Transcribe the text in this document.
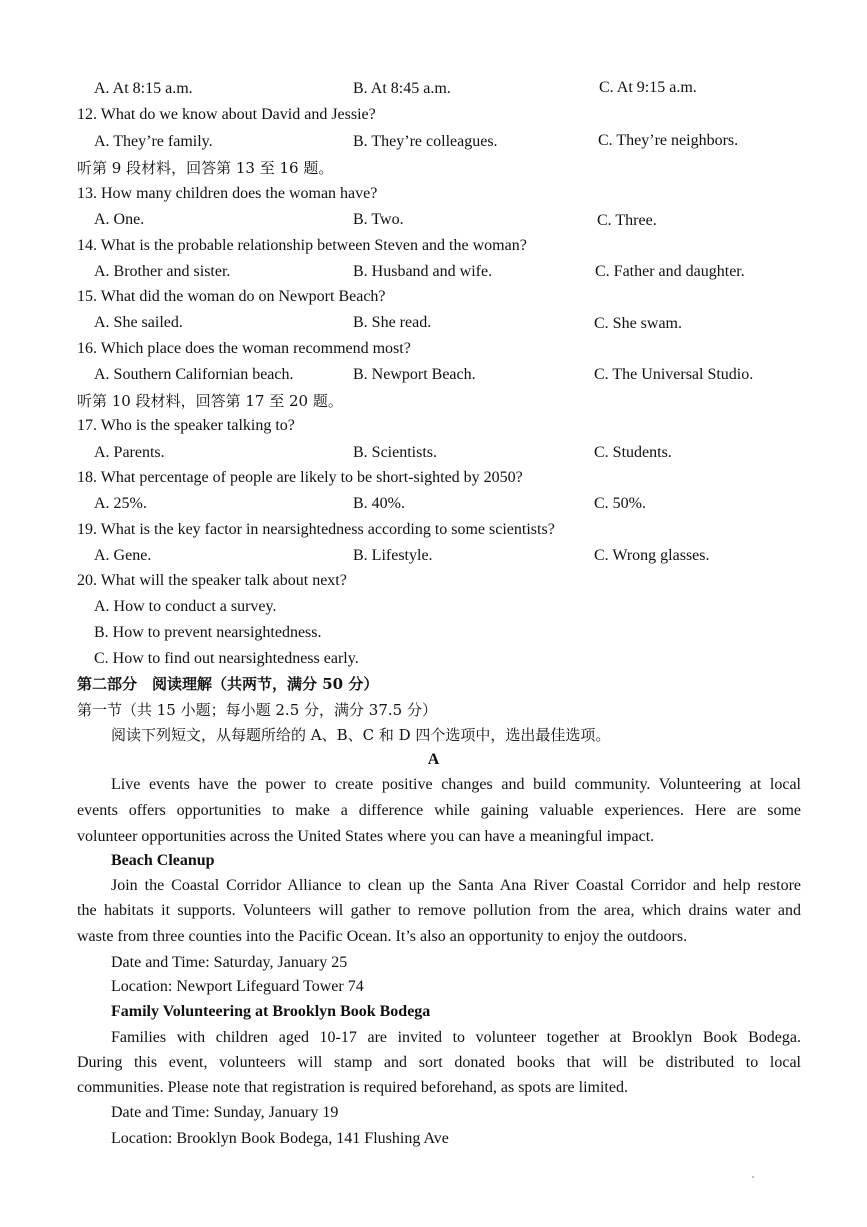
A. At 8:15 a.m.	B. At 8:45 a.m.	C. At 9:15 a.m.
12. What do we know about David and Jessie?
A. They’re family.	B. They’re colleagues.	C. They’re neighbors.
听第 9 段材料，回答第 13 至 16 题。
13. How many children does the woman have?
A. One.	B. Two.	C. Three.
14. What is the probable relationship between Steven and the woman?
A. Brother and sister.	B. Husband and wife.	C. Father and daughter.
15. What did the woman do on Newport Beach?
A. She sailed.	B. She read.	C. She swam.
16. Which place does the woman recommend most?
A. Southern Californian beach.	B. Newport Beach.	C. The Universal Studio.
听第 10 段材料，回答第 17 至 20 题。
17. Who is the speaker talking to?
A. Parents.	B. Scientists.	C. Students.
18. What percentage of people are likely to be short-sighted by 2050?
A. 25%.	B. 40%.	C. 50%.
19. What is the key factor in nearsightedness according to some scientists?
A. Gene.	B. Lifestyle.	C. Wrong glasses.
20. What will the speaker talk about next?
A. How to conduct a survey.
B. How to prevent nearsightedness.
C. How to find out nearsightedness early.
第二部分　阅读理解（共两节，满分 50 分）
第一节（共 15 小题；每小题 2.5 分，满分 37.5 分）
阅读下列短文，从每题所给的 A、B、C 和 D 四个选项中，选出最佳选项。
A
Live events have the power to create positive changes and build community. Volunteering at local
events offers opportunities to make a difference while gaining valuable experiences. Here are some
volunteer opportunities across the United States where you can have a meaningful impact.
Beach Cleanup
Join the Coastal Corridor Alliance to clean up the Santa Ana River Coastal Corridor and help restore
the habitats it supports. Volunteers will gather to remove pollution from the area, which drains water and
waste from three counties into the Pacific Ocean. It’s also an opportunity to enjoy the outdoors.
Date and Time: Saturday, January 25
Location: Newport Lifeguard Tower 74
Family Volunteering at Brooklyn Book Bodega
Families with children aged 10-17 are invited to volunteer together at Brooklyn Book Bodega.
During this event, volunteers will stamp and sort donated books that will be distributed to local
communities. Please note that registration is required beforehand, as spots are limited.
Date and Time: Sunday, January 19
Location: Brooklyn Book Bodega, 141 Flushing Ave
